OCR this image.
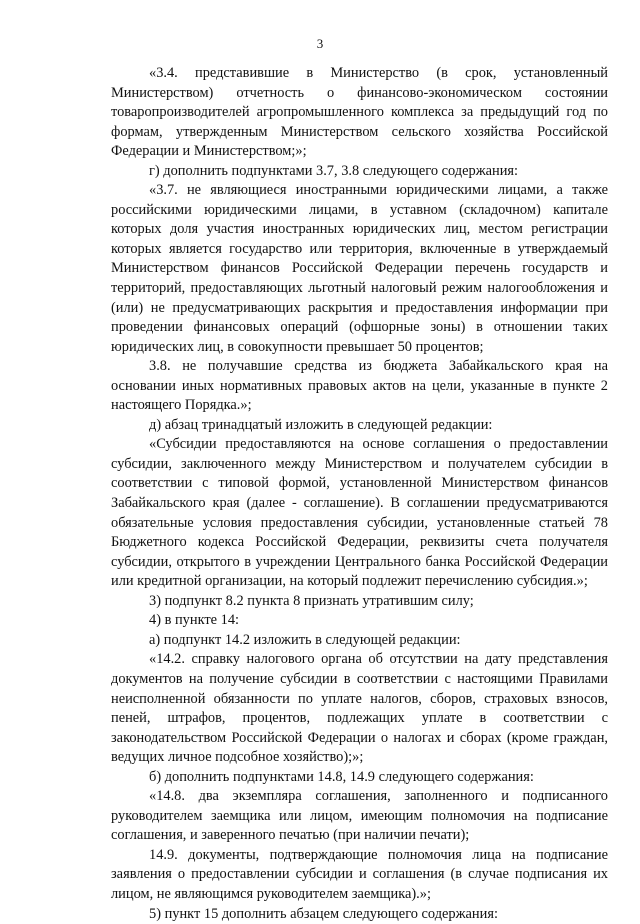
3

«3.4. представившие в Министерство (в срок, установленный Министерством) отчетность о финансово-экономическом состоянии товаропроизводителей агропромышленного комплекса за предыдущий год по формам, утвержденным Министерством сельского хозяйства Российской Федерации и Министерством;»;

г) дополнить подпунктами 3.7, 3.8 следующего содержания:

«3.7. не являющиеся иностранными юридическими лицами, а также российскими юридическими лицами, в уставном (складочном) капитале которых доля участия иностранных юридических лиц, местом регистрации которых является государство или территория, включенные в утверждаемый Министерством финансов Российской Федерации перечень государств и территорий, предоставляющих льготный налоговый режим налогообложения и (или) не предусматривающих раскрытия и предоставления информации при проведении финансовых операций (офшорные зоны) в отношении таких юридических лиц, в совокупности превышает 50 процентов;

3.8. не получавшие средства из бюджета Забайкальского края на основании иных нормативных правовых актов на цели, указанные в пункте 2 настоящего Порядка.»;

д) абзац тринадцатый изложить в следующей редакции:

«Субсидии предоставляются на основе соглашения о предоставлении субсидии, заключенного между Министерством и получателем субсидии в соответствии с типовой формой, установленной Министерством финансов Забайкальского края (далее - соглашение). В соглашении предусматриваются обязательные условия предоставления субсидии, установленные статьей 78 Бюджетного кодекса Российской Федерации, реквизиты счета получателя субсидии, открытого в учреждении Центрального банка Российской Федерации или кредитной организации, на который подлежит перечислению субсидия.»;

3) подпункт 8.2 пункта 8 признать утратившим силу;

4) в пункте 14:

а) подпункт 14.2 изложить в следующей редакции:

«14.2. справку налогового органа об отсутствии на дату представления документов на получение субсидии в соответствии с настоящими Правилами неисполненной обязанности по уплате налогов, сборов, страховых взносов, пеней, штрафов, процентов, подлежащих уплате в соответствии с законодательством Российской Федерации о налогах и сборах (кроме граждан, ведущих личное подсобное хозяйство);»;

б) дополнить подпунктами 14.8, 14.9 следующего содержания:

«14.8. два экземпляра соглашения, заполненного и подписанного руководителем заемщика или лицом, имеющим полномочия на подписание соглашения, и заверенного печатью (при наличии печати);

14.9. документы, подтверждающие полномочия лица на подписание заявления о предоставлении субсидии и соглашения (в случае подписания их лицом, не являющимся руководителем заемщика).»;

5) пункт 15 дополнить абзацем следующего содержания:
